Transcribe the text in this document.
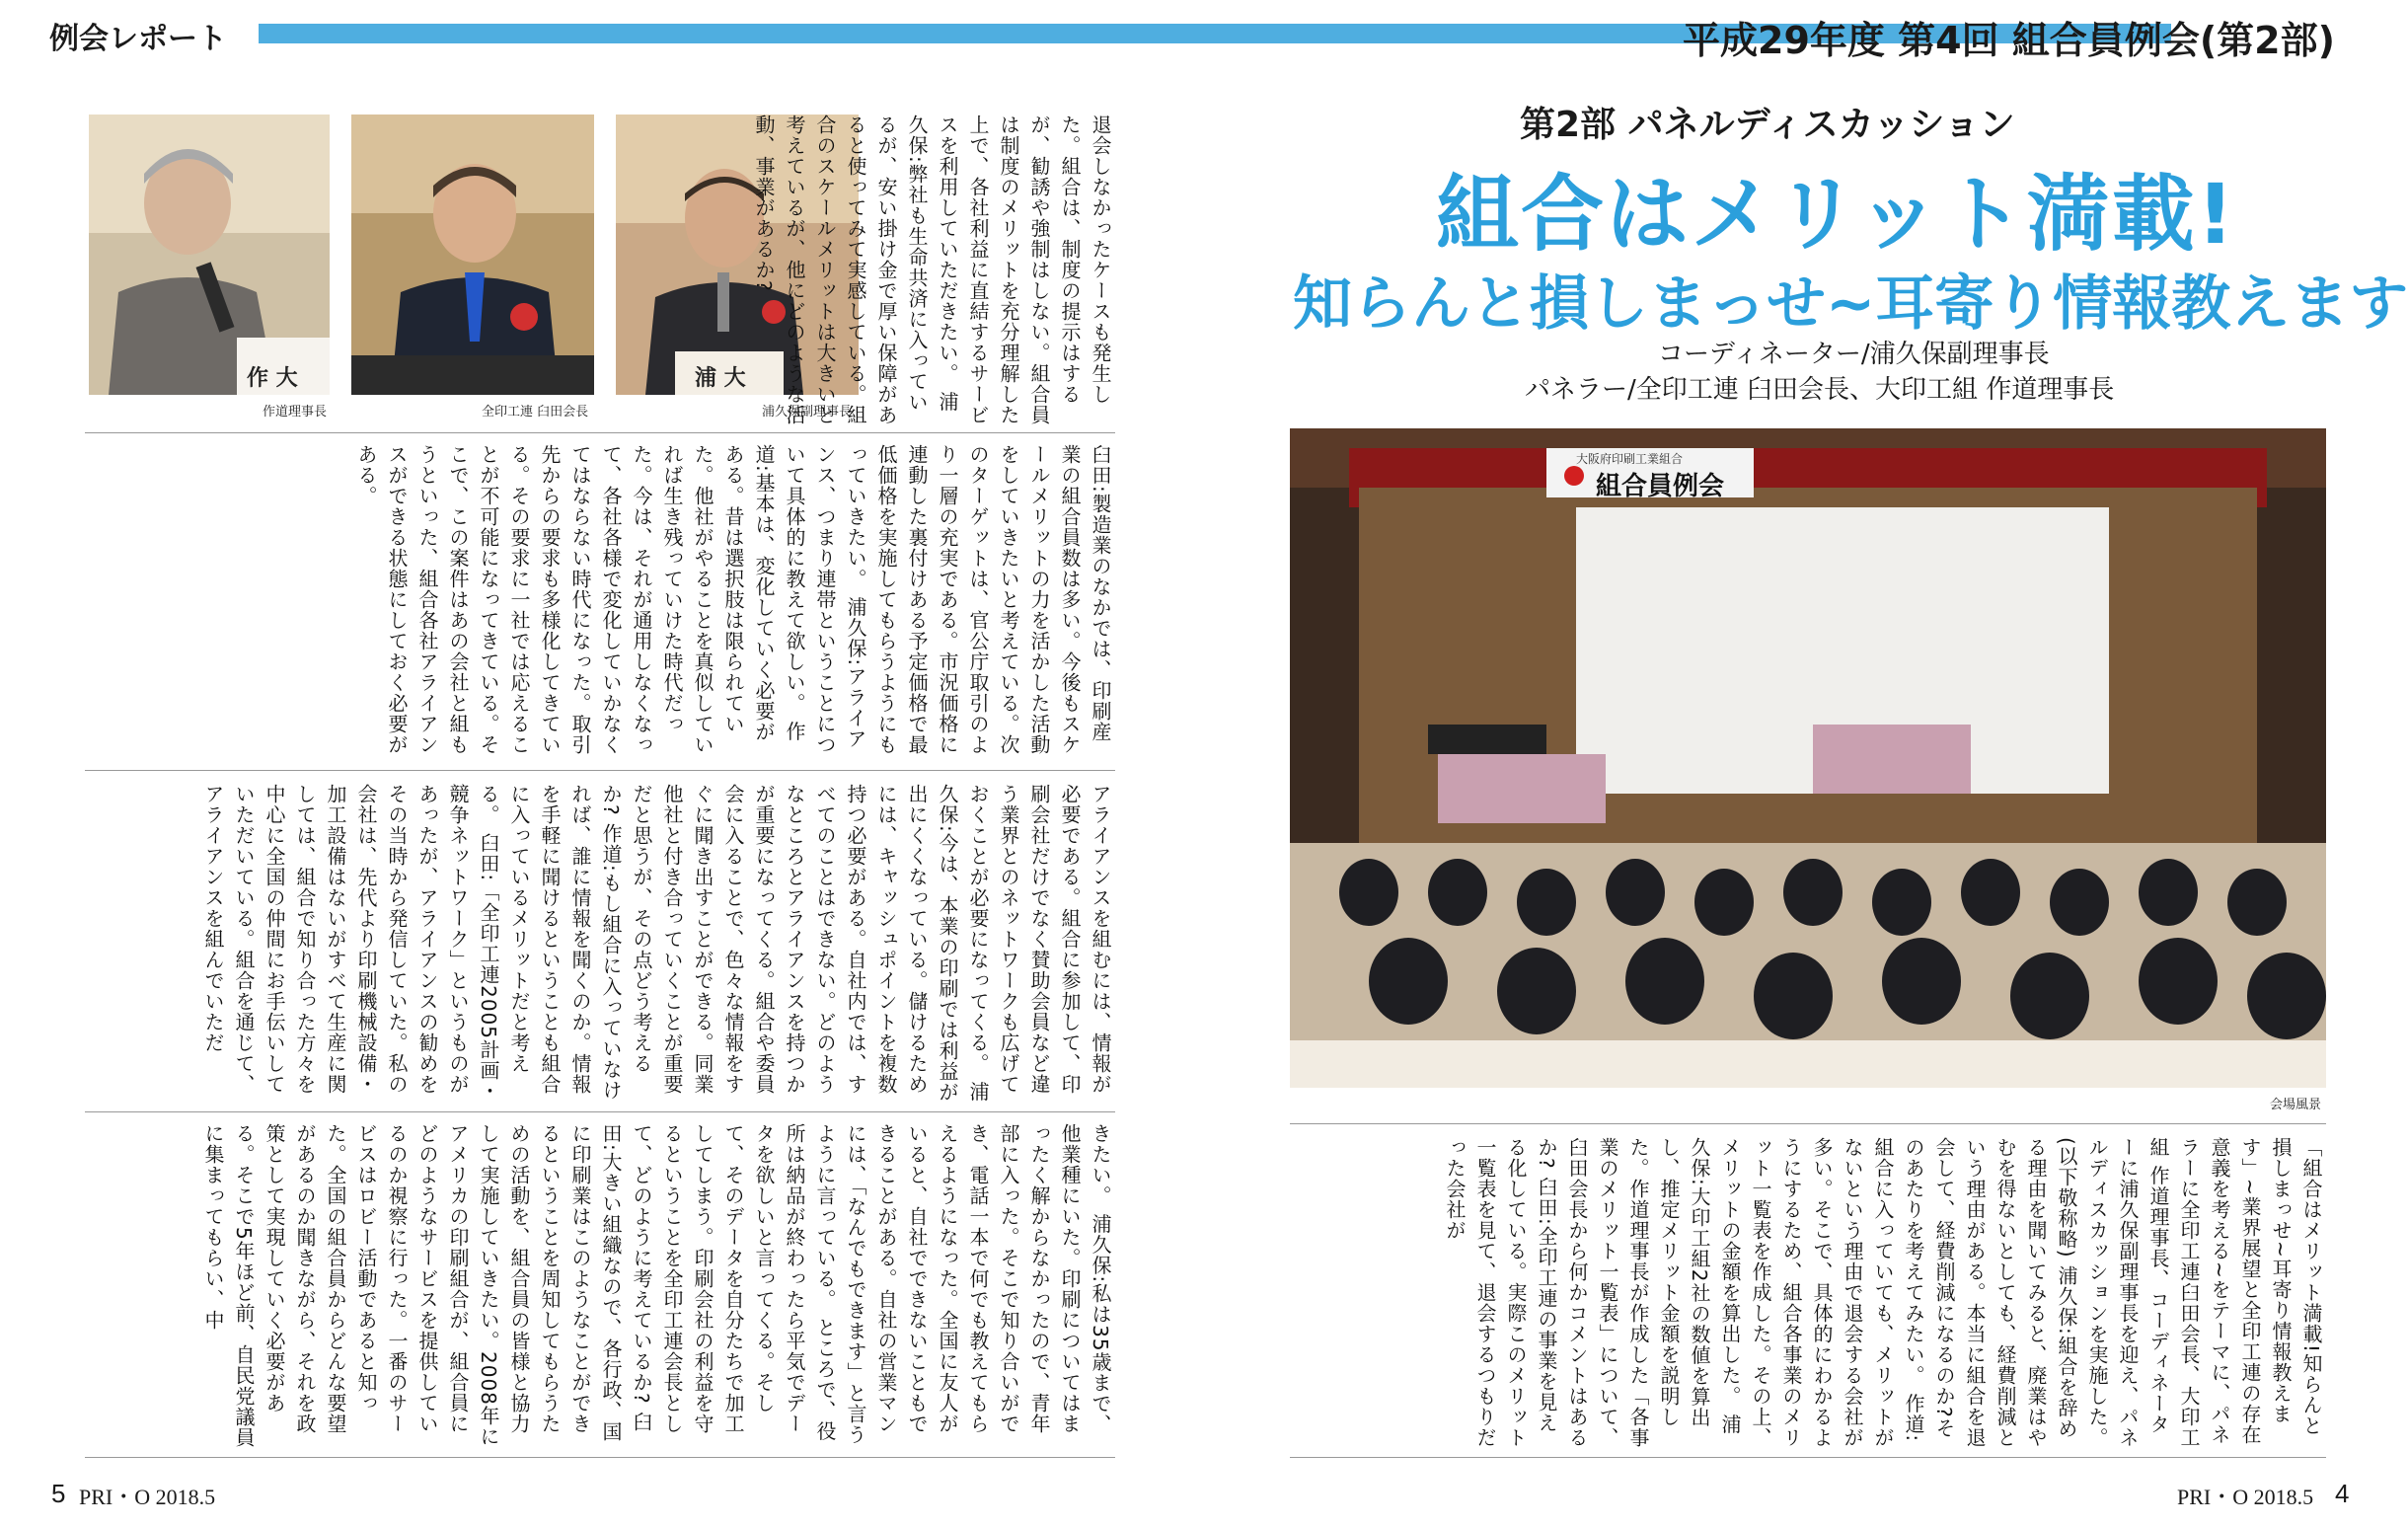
例会レポート	平成29年度 第4回 組合員例会(第2部)
第2部 パネルディスカッション
組合はメリット満載!
知らんと損しまっせ~耳寄り情報教えます
コーディネーター/浦久保副理事長
パネラー/全印工連 臼田会長、大印工組 作道理事長
作 大
作道理事長	全印工連 臼田会長
浦 大
浦久保副理事長
大阪府印刷工業組合
組合員例会
会場風景

「組合はメリット満載!知らんと損しまっせ~耳寄り情報教えます」~業界展望と全印工連の存在意義を考える~をテーマに、パネラーに全印工連臼田会長、大印工組 作道理事長、コーディネーターに浦久保副理事長を迎え、パネルディスカッションを実施した。(以下敬称略) 浦久保:組合を辞める理由を聞いてみると、廃業はやむを得ないとしても、経費削減という理由がある。本当に組合を退会して、経費削減になるのか?そのあたりを考えてみたい。 作道:組合に入っていても、メリットがないという理由で退会する会社が多い。そこで、具体的にわかるようにするため、組合各事業のメリット一覧表を作成した。その上、メリットの金額を算出した。 浦久保:大印工組2社の数値を算出し、推定メリット金額を説明した。作道理事長が作成した「各事業のメリット一覧表」について、臼田会長から何かコメントはあるか? 臼田:全印工連の事業を見える化している。実際このメリット一覧表を見て、退会するつもりだった会社が

退会しなかったケースも発生した。組合は、制度の提示はするが、勧誘や強制はしない。組合員は制度のメリットを充分理解した上で、各社利益に直結するサービスを利用していただきたい。 浦久保:弊社も生命共済に入っているが、安い掛け金で厚い保障があると使ってみて実感している。組合のスケールメリットは大きいと考えているが、他にどのような活動、事業があるか?

臼田:製造業のなかでは、印刷産業の組合員数は多い。今後もスケールメリットの力を活かした活動をしていきたいと考えている。次のターゲットは、官公庁取引のより一層の充実である。市況価格に連動した裏付けある予定価格で最低価格を実施してもらうようにもっていきたい。 浦久保:アライアンス、つまり連帯ということについて具体的に教えて欲しい。 作道:基本は、変化していく必要がある。昔は選択肢は限られていた。他社がやることを真似していれば生き残っていけた時代だった。今は、それが通用しなくなって、各社各様で変化していかなくてはならない時代になった。取引先からの要求も多様化してきている。その要求に一社では応えることが不可能になってきている。そこで、この案件はあの会社と組もうといった、組合各社アライアンスができる状態にしておく必要がある。

アライアンスを組むには、情報が必要である。組合に参加して、印刷会社だけでなく賛助会員など違う業界とのネットワークも広げておくことが必要になってくる。 浦久保:今は、本業の印刷では利益が出にくくなっている。儲けるためには、キャッシュポイントを複数持つ必要がある。自社内では、すべてのことはできない。どのようなところとアライアンスを持つかが重要になってくる。組合や委員会に入ることで、色々な情報をすぐに聞き出すことができる。同業他社と付き合っていくことが重要だと思うが、その点どう考えるか? 作道:もし組合に入っていなければ、誰に情報を聞くのか。情報を手軽に聞けるということも組合に入っているメリットだと考える。 臼田:「全印工連2005計画・競争ネットワーク」というものがあったが、アライアンスの勧めをその当時から発信していた。私の会社は、先代より印刷機械設備・加工設備はないがすべて生産に関しては、組合で知り合った方々を中心に全国の仲間にお手伝いしていただいている。組合を通じて、アライアンスを組んでいただ

きたい。 浦久保:私は35歳まで、他業種にいた。印刷についてはまったく解からなかったので、青年部に入った。そこで知り合いができ、電話一本で何でも教えてもらえるようになった。全国に友人がいると、自社でできないこともできることがある。自社の営業マンには、「なんでもできます」と言うように言っている。 ところで、役所は納品が終わったら平気でデータを欲しいと言ってくる。そして、そのデータを自分たちで加工してしまう。印刷会社の利益を守るということを全印工連会長として、どのように考えているか? 臼田:大きい組織なので、各行政、国に印刷業はこのようなことができるということを周知してもらうための活動を、組合員の皆様と協力して実施していきたい。2008年にアメリカの印刷組合が、組合員にどのようなサービスを提供しているのか視察に行った。一番のサービスはロビー活動であると知った。全国の組合員からどんな要望があるのか聞きながら、それを政策として実現していく必要がある。そこで5年ほど前、自民党議員に集まってもらい、中

5 PRI・O 2018.5	PRI・O 2018.5 4
